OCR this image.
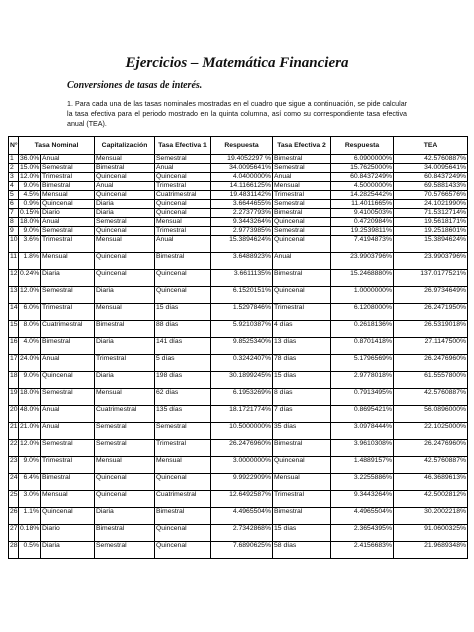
Ejercicios – Matemática Financiera
Conversiones de tasas de interés.
1. Para cada una de las tasas nominales mostradas en el cuadro que sigue a continuación, se pide calcular la tasa efectiva para el periodo mostrado en la quinta columna, así como su correspondiente tasa efectiva anual (TEA).
N°	Tasa Nominal		Capitalización	Tasa Efectiva 1	Respuesta	Tasa Efectiva 2	Respuesta	TEA
1	36.0%	Anual	Mensual	Semestral	19.4052297 %	Bimestral	6.0900000%	42.5760887%
2	15.0%	Semestral	Bimestral	Anual	34.0095641%	Semestral	15.7625000%	34.0095641%
3	12.0%	Trimestral	Quincenal	Quincenal	4.0400000%	Anual	60.8437249%	60.8437249%
4	9.0%	Bimestral	Anual	Trimestral	14.1166125%	Mensual	4.5000000%	69.5881433%
5	4.5%	Mensual	Quincenal	Cuatrimestral	19.4831142%	Trimestral	14.2825442%	70.5766576%
6	0.9%	Quincenal	Diaria	Quincenal	3.6644655%	Semestral	11.4011665%	24.1021990%
7	0.15%	Diario	Diaria	Quincenal	2.2737793%	Bimestral	9.4100503%	71.5312714%
8	18.0%	Anual	Semestral	Mensual	9.3443264%	Quincenal	0.4720984%	19.5618171%
9	9.0%	Semestral	Quincenal	Trimestral	2.9773985%	Semestral	19.2539811%	19.2518601%
10	3.6%	Trimestral	Mensual	Anual	15.3894624%	Quincenal	7.4194873%	15.3894624%
11	1.8%	Mensual	Quincenal	Bimestral	3.6488923%	Anual	23.9903796%	23.9903796%
12	0.24%	Diaria	Quincenal	Quincenal	3.6611135%	Bimestral	15.2468880%	137.0177521%
13	12.0%	Semestral	Diaria	Quincenal	6.1520151%	Quincenal	1.0000000%	26.9734649%
14	6.0%	Trimestral	Mensual	15 días	1.5297846%	Trimestral	6.1208000%	26.2471950%
15	8.0%	Cuatrimestral	Bimestral	88 días	5.9210387%	4 días	0.2618136%	26.5319018%
16	4.0%	Bimestral	Diaria	141 días	9.8525340%	13 días	0.8701418%	27.1147500%
17	24.0%	Anual	Trimestral	5 días	0.3242407%	78 días	5.1796569%	26.2476960%
18	9.0%	Quincenal	Diaria	198 días	30.1899245%	15 días	2.9778018%	61.5557800%
19	18.0%	Semestral	Mensual	62 días	6.1953269%	8 días	0.7913495%	42.5760887%
20	48.0%	Anual	Cuatrimestral	135 días	18.1721774%	7 días	0.8695421%	56.0896000%
21	21.0%	Anual	Semestral	Semestral	10.5000000%	35 días	3.0978444%	22.1025000%
22	12.0%	Semestral	Semestral	Trimestral	26.2476960%	Bimestral	3.9610308%	26.2476960%
23	9.0%	Trimestral	Mensual	Mensual	3.0000000%	Quincenal	1.4889157%	42.5760887%
24	6.4%	Bimestral	Quincenal	Quincenal	9.9922909%	Mensual	3.2255886%	46.3689613%
25	3.0%	Mensual	Quincenal	Cuatrimestral	12.6492587%	Trimestral	9.3443264%	42.5002812%
26	1.1%	Quincenal	Diaria	Bimestral	4.4965504%	Bimestral	4.4965504%	30.2002218%
27	0.18%	Diario	Bimestral	Quincenal	2.7342868%	15 días	2.3654395%	91.0600325%
28	0.5%	Diaria	Semestral	Quincenal	7.6890625%	58 días	2.4156683%	21.9689348%
